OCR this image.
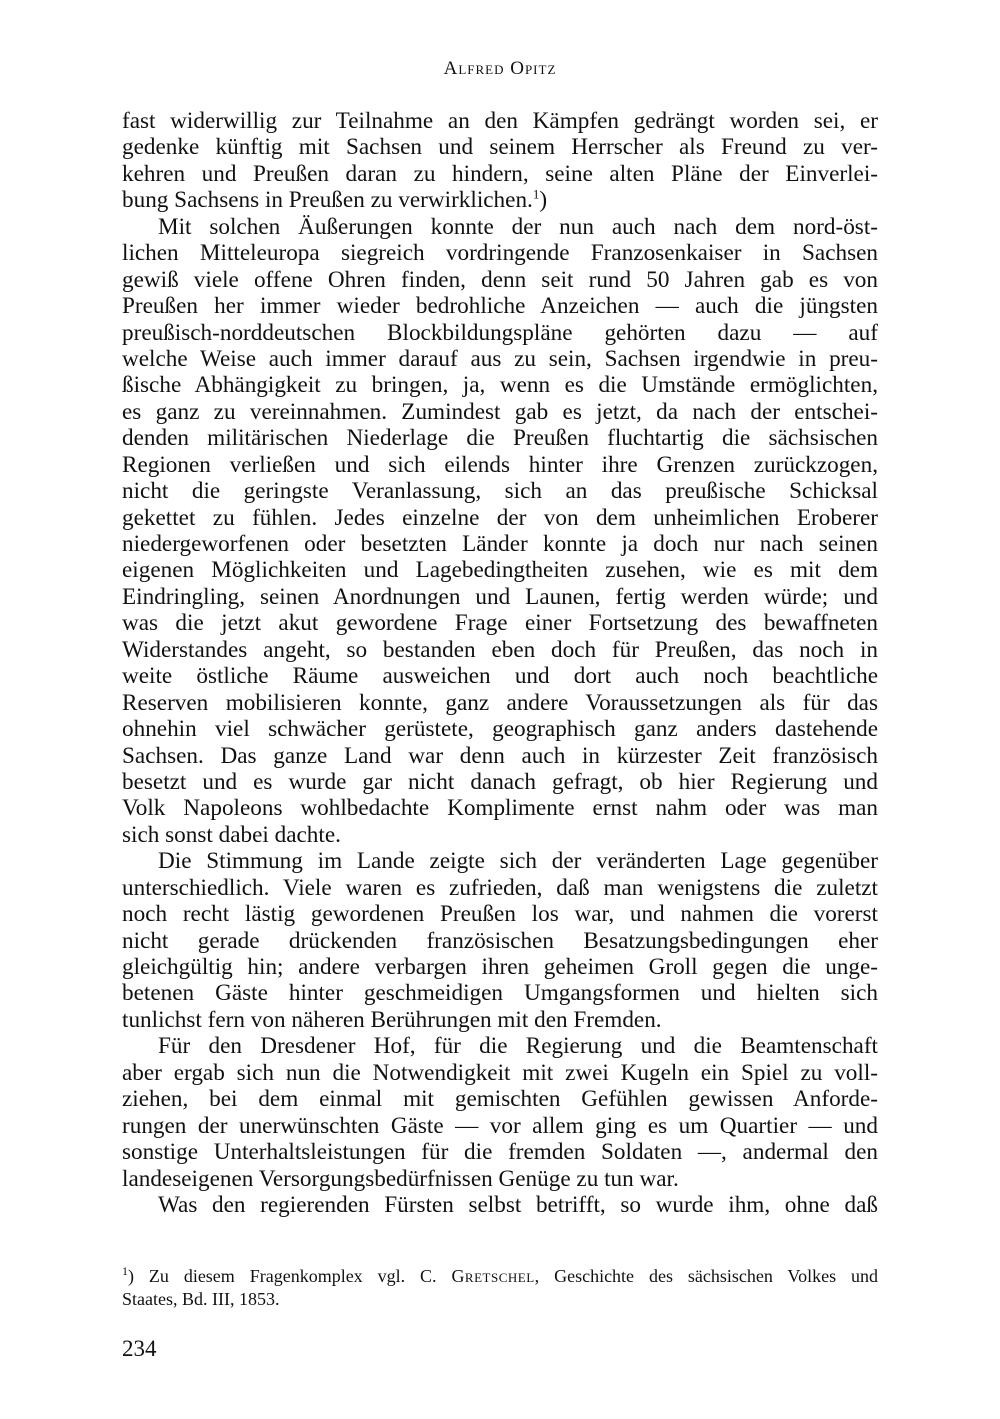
Alfred Opitz
fast widerwillig zur Teilnahme an den Kämpfen gedrängt worden sei, er
gedenke künftig mit Sachsen und seinem Herrscher als Freund zu ver-
kehren und Preußen daran zu hindern, seine alten Pläne der Einverlei-
bung Sachsens in Preußen zu verwirklichen.$^1$)
Mit solchen Äußerungen konnte der nun auch nach dem nord-öst-
lichen Mitteleuropa siegreich vordringende Franzosenkaiser in Sachsen
gewiß viele offene Ohren finden, denn seit rund 50 Jahren gab es von
Preußen her immer wieder bedrohliche Anzeichen — auch die jüngsten
preußisch-norddeutschen Blockbildungspläne gehörten dazu — auf
welche Weise auch immer darauf aus zu sein, Sachsen irgendwie in preu-
ßische Abhängigkeit zu bringen, ja, wenn es die Umstände ermöglichten,
es ganz zu vereinnahmen. Zumindest gab es jetzt, da nach der entschei-
denden militärischen Niederlage die Preußen fluchtartig die sächsischen
Regionen verließen und sich eilends hinter ihre Grenzen zurückzogen,
nicht die geringste Veranlassung, sich an das preußische Schicksal
gekettet zu fühlen. Jedes einzelne der von dem unheimlichen Eroberer
niedergeworfenen oder besetzten Länder konnte ja doch nur nach seinen
eigenen Möglichkeiten und Lagebedingtheiten zusehen, wie es mit dem
Eindringling, seinen Anordnungen und Launen, fertig werden würde; und
was die jetzt akut gewordene Frage einer Fortsetzung des bewaffneten
Widerstandes angeht, so bestanden eben doch für Preußen, das noch in
weite östliche Räume ausweichen und dort auch noch beachtliche
Reserven mobilisieren konnte, ganz andere Voraussetzungen als für das
ohnehin viel schwächer gerüstete, geographisch ganz anders dastehende
Sachsen. Das ganze Land war denn auch in kürzester Zeit französisch
besetzt und es wurde gar nicht danach gefragt, ob hier Regierung und
Volk Napoleons wohlbedachte Komplimente ernst nahm oder was man
sich sonst dabei dachte.
Die Stimmung im Lande zeigte sich der veränderten Lage gegenüber
unterschiedlich. Viele waren es zufrieden, daß man wenigstens die zuletzt
noch recht lästig gewordenen Preußen los war, und nahmen die vorerst
nicht gerade drückenden französischen Besatzungsbedingungen eher
gleichgültig hin; andere verbargen ihren geheimen Groll gegen die unge-
betenen Gäste hinter geschmeidigen Umgangsformen und hielten sich
tunlichst fern von näheren Berührungen mit den Fremden.
Für den Dresdener Hof, für die Regierung und die Beamtenschaft
aber ergab sich nun die Notwendigkeit mit zwei Kugeln ein Spiel zu voll-
ziehen, bei dem einmal mit gemischten Gefühlen gewissen Anforde-
rungen der unerwünschten Gäste — vor allem ging es um Quartier — und
sonstige Unterhaltsleistungen für die fremden Soldaten —, andermal den
landeseigenen Versorgungsbedürfnissen Genüge zu tun war.
Was den regierenden Fürsten selbst betrifft, so wurde ihm, ohne daß
$^1$) Zu diesem Fragenkomplex vgl. C. Gretschel, Geschichte des sächsischen Volkes und
Staates, Bd. III, 1853.
234
